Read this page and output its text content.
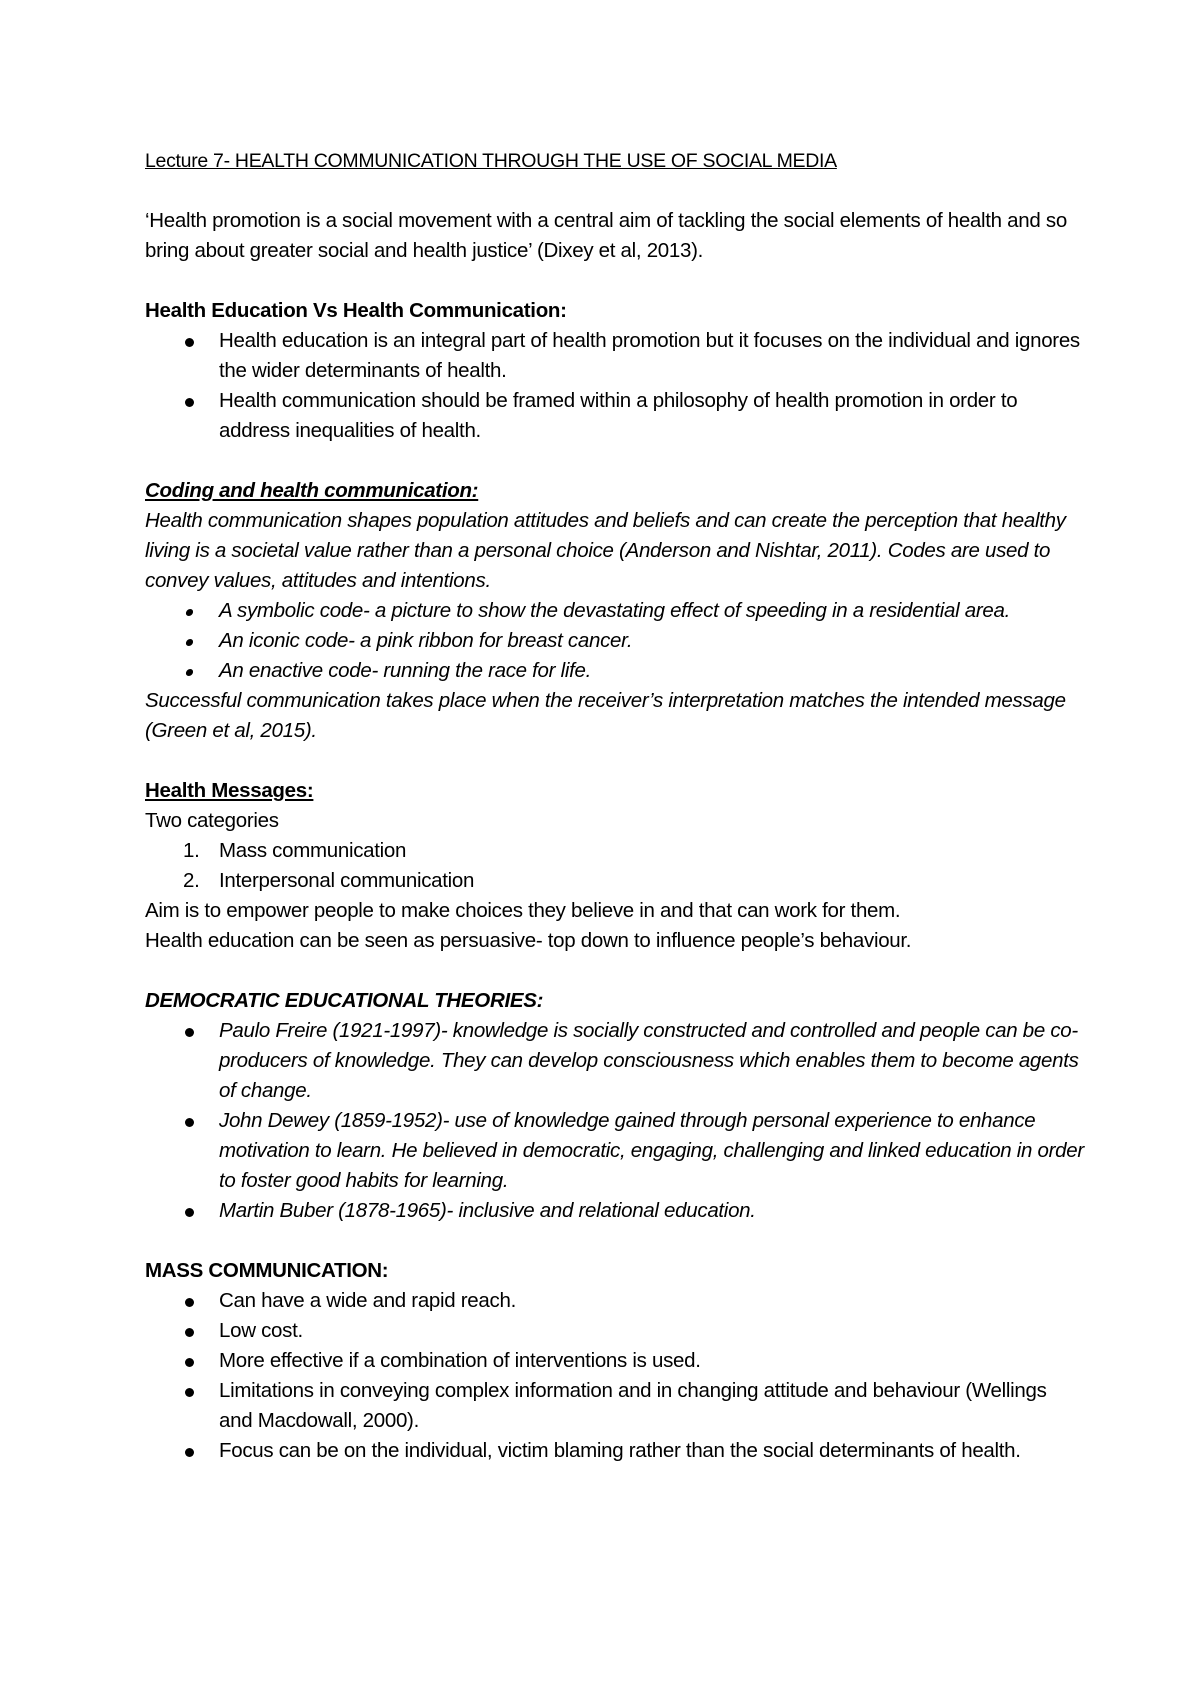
Lecture 7- HEALTH COMMUNICATION THROUGH THE USE OF SOCIAL MEDIA

‘Health promotion is a social movement with a central aim of tackling the social elements of health and so bring about greater social and health justice’ (Dixey et al, 2013).

Health Education Vs Health Communication:

Health education is an integral part of health promotion but it focuses on the individual and ignores the wider determinants of health.
Health communication should be framed within a philosophy of health promotion in order to address inequalities of health.

Coding and health communication:

Health communication shapes population attitudes and beliefs and can create the perception that healthy living is a societal value rather than a personal choice (Anderson and Nishtar, 2011). Codes are used to convey values, attitudes and intentions.

A symbolic code- a picture to show the devastating effect of speeding in a residential area.
An iconic code- a pink ribbon for breast cancer.
An enactive code- running the race for life.

Successful communication takes place when the receiver’s interpretation matches the intended message (Green et al, 2015).

Health Messages:

Two categories

1. Mass communication
2. Interpersonal communication

Aim is to empower people to make choices they believe in and that can work for them.

Health education can be seen as persuasive- top down to influence people’s behaviour.

DEMOCRATIC EDUCATIONAL THEORIES:

Paulo Freire (1921-1997)- knowledge is socially constructed and controlled and people can be co-producers of knowledge. They can develop consciousness which enables them to become agents of change.
John Dewey (1859-1952)- use of knowledge gained through personal experience to enhance motivation to learn. He believed in democratic, engaging, challenging and linked education in order to foster good habits for learning.
Martin Buber (1878-1965)- inclusive and relational education.

MASS COMMUNICATION:

Can have a wide and rapid reach.
Low cost.
More effective if a combination of interventions is used.
Limitations in conveying complex information and in changing attitude and behaviour (Wellings and Macdowall, 2000).
Focus can be on the individual, victim blaming rather than the social determinants of health.
